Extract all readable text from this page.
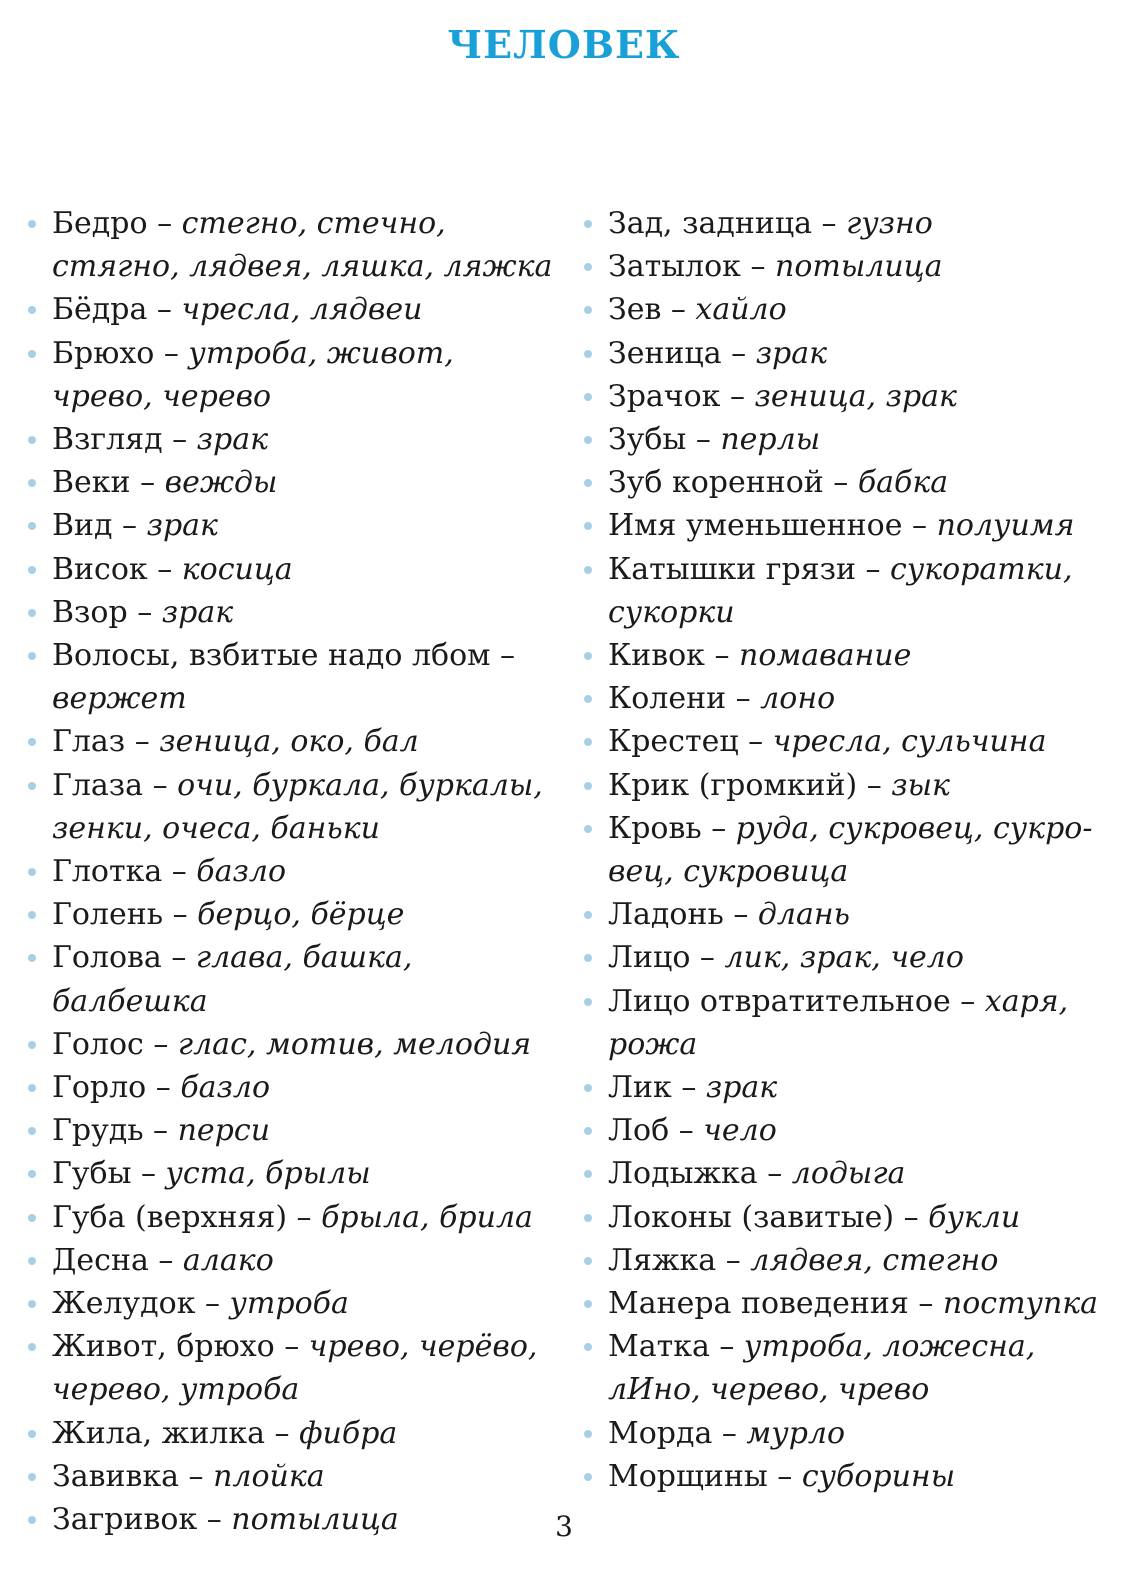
ЧЕЛОВЕК
Бедро – стегно, стечно, стягно, лядвея, ляшка, ляжка
Бёдра – чресла, лядвеи
Брюхо – утроба, живот, чрево, черево
Взгляд – зрак
Веки – вежды
Вид – зрак
Висок – косица
Взор – зрак
Волосы, взбитые надо лбом – вержет
Глаз – зеница, око, бал
Глаза – очи, буркала, буркалы, зенки, очеса, баньки
Глотка – базло
Голень – берцо, бёрце
Голова – глава, башка, балбешка
Голос – глас, мотив, мелодия
Горло – базло
Грудь – перси
Губы – уста, брылы
Губа (верхняя) – брыла, брила
Десна – алако
Желудок – утроба
Живот, брюхо – чрево, черёво, черево, утроба
Жила, жилка – фибра
Завивка – плойка
Загривок – потылица
Зад, задница – гузно
Затылок – потылица
Зев – хайло
Зеница – зрак
Зрачок – зеница, зрак
Зубы – перлы
Зуб коренной – бабка
Имя уменьшенное – полуимя
Катышки грязи – сукоратки, сукорки
Кивок – помавание
Колени – лоно
Крестец – чресла, сульчина
Крик (громкий) – зык
Кровь – руда, сукровец, сукро-вец, сукровица
Ладонь – длань
Лицо – лик, зрак, чело
Лицо отвратительное – харя, рожа
Лик – зрак
Лоб – чело
Лодыжка – лодыга
Локоны (завитые) – букли
Ляжка – лядвея, стегно
Манера поведения – поступка
Матка – утроба, ложесна, лИно, черево, чрево
Морда – мурло
Морщины – суборины
3
